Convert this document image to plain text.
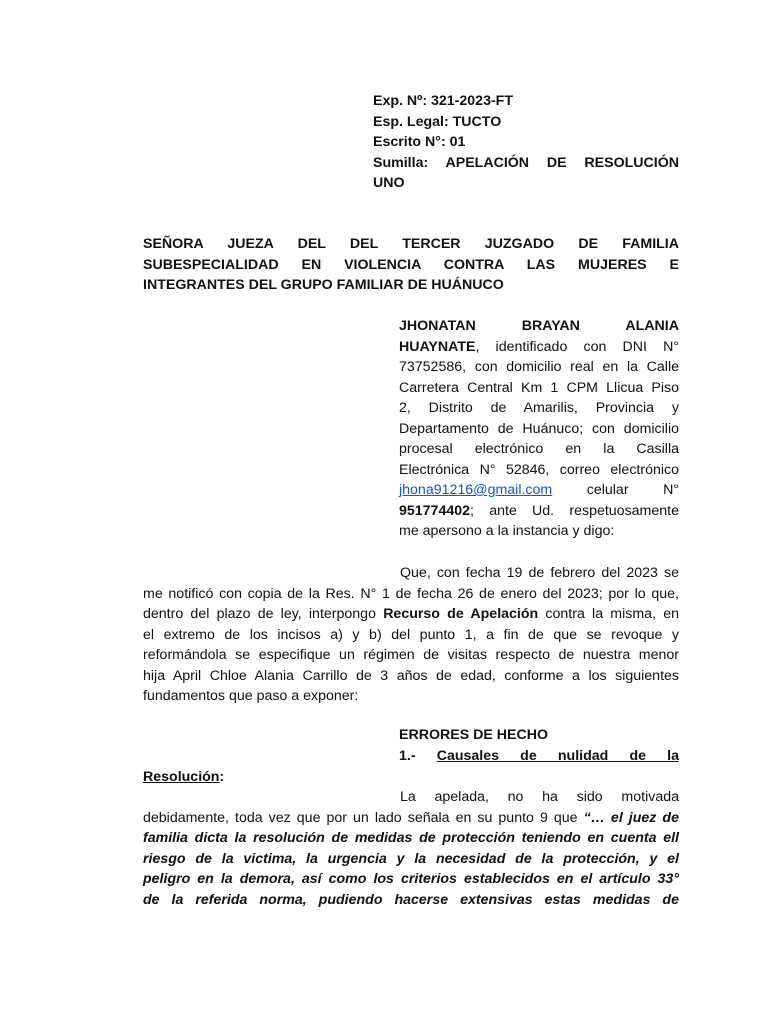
Exp. Nº: 321-2023-FT
Esp. Legal: TUCTO
Escrito N°: 01
Sumilla: APELACIÓN DE RESOLUCIÓN
UNO
SEÑORA JUEZA DEL DEL TERCER JUZGADO DE FAMILIA
SUBESPECIALIDAD EN VIOLENCIA CONTRA LAS MUJERES E
INTEGRANTES DEL GRUPO FAMILIAR DE HUÁNUCO
JHONATAN BRAYAN ALANIA
HUAYNATE, identificado con DNI N°
73752586, con domicilio real en la Calle
Carretera Central Km 1 CPM Llicua Piso
2, Distrito de Amarilis, Provincia y
Departamento de Huánuco; con domicilio
procesal electrónico en la Casilla
Electrónica N° 52846, correo electrónico
jhona91216@gmail.com celular N°
951774402; ante Ud. respetuosamente
me apersono a la instancia y digo:
Que, con fecha 19 de febrero del 2023 se
me notificó con copia de la Res. N° 1 de fecha 26 de enero del 2023; por lo que,
dentro del plazo de ley, interpongo Recurso de Apelación contra la misma, en
el extremo de los incisos a) y b) del punto 1, a fin de que se revoque y
reformándola se especifique un régimen de visitas respecto de nuestra menor
hija April Chloe Alania Carrillo de 3 años de edad, conforme a los siguientes
fundamentos que paso a exponer:
ERRORES DE HECHO
1.- Causales de nulidad de la
Resolución:
La apelada, no ha sido motivada
debidamente, toda vez que por un lado señala en su punto 9 que “… el juez de
familia dicta la resolución de medidas de protección teniendo en cuenta ell
riesgo de la victima, la urgencia y la necesidad de la protección, y el
peligro en la demora, así como los criterios establecidos en el artículo 33°
de la referida norma, pudiendo hacerse extensivas estas medidas de
